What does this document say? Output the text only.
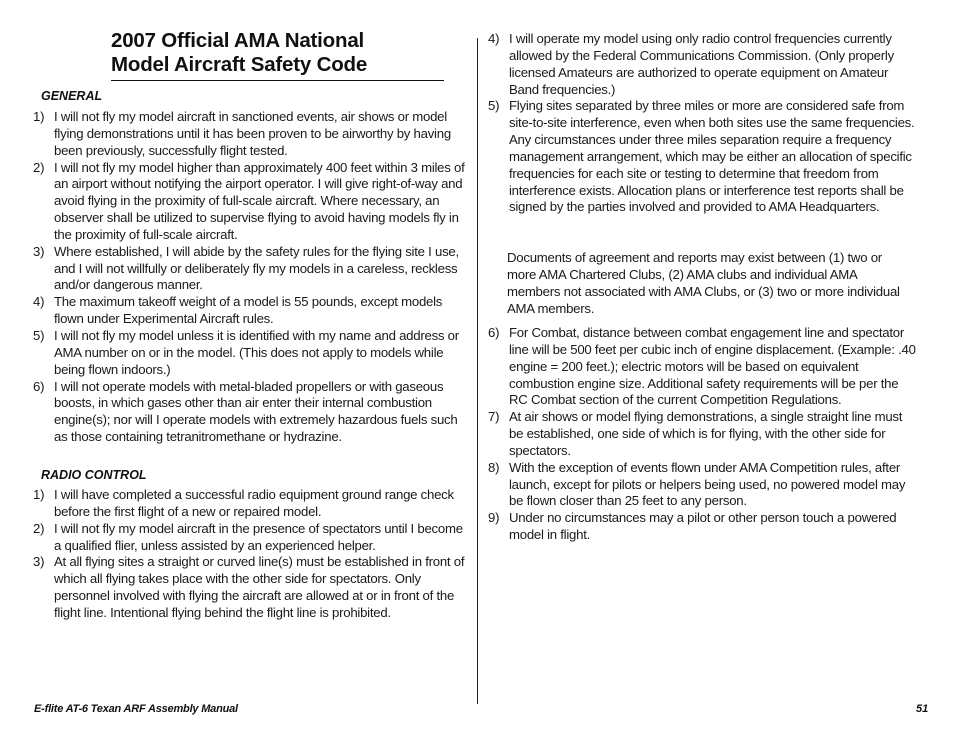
2007 Official AMA National
Model Aircraft Safety Code
GENERAL
1) I will not fly my model aircraft in sanctioned events, air shows or model flying demonstrations until it has been proven to be airworthy by having been previously, successfully flight tested.
2) I will not fly my model higher than approximately 400 feet within 3 miles of an airport without notifying the airport operator. I will give right-of-way and avoid flying in the proximity of full-scale aircraft. Where necessary, an observer shall be utilized to supervise flying to avoid having models fly in the proximity of full-scale aircraft.
3) Where established, I will abide by the safety rules for the flying site I use, and I will not willfully or deliberately fly my models in a careless, reckless and/or dangerous manner.
4) The maximum takeoff weight of a model is 55 pounds, except models flown under Experimental Aircraft rules.
5) I will not fly my model unless it is identified with my name and address or AMA number on or in the model. (This does not apply to models while being flown indoors.)
6) I will not operate models with metal-bladed propellers or with gaseous boosts, in which gases other than air enter their internal combustion engine(s); nor will I operate models with extremely hazardous fuels such as those containing tetranitromethane or hydrazine.
RADIO CONTROL
1) I will have completed a successful radio equipment ground range check before the first flight of a new or repaired model.
2) I will not fly my model aircraft in the presence of spectators until I become a qualified flier, unless assisted by an experienced helper.
3) At all flying sites a straight or curved line(s) must be established in front of which all flying takes place with the other side for spectators. Only personnel involved with flying the aircraft are allowed at or in front of the flight line. Intentional flying behind the flight line is prohibited.
4) I will operate my model using only radio control frequencies currently allowed by the Federal Communications Commission. (Only properly licensed Amateurs are authorized to operate equipment on Amateur Band frequencies.)
5) Flying sites separated by three miles or more are considered safe from site-to-site interference, even when both sites use the same frequencies. Any circumstances under three miles separation require a frequency management arrangement, which may be either an allocation of specific frequencies for each site or testing to determine that freedom from interference exists. Allocation plans or interference test reports shall be signed by the parties involved and provided to AMA Headquarters.

Documents of agreement and reports may exist between (1) two or more AMA Chartered Clubs, (2) AMA clubs and individual AMA members not associated with AMA Clubs, or (3) two or more individual AMA members.

6) For Combat, distance between combat engagement line and spectator line will be 500 feet per cubic inch of engine displacement. (Example: .40 engine = 200 feet.); electric motors will be based on equivalent combustion engine size. Additional safety requirements will be per the RC Combat section of the current Competition Regulations.
7) At air shows or model flying demonstrations, a single straight line must be established, one side of which is for flying, with the other side for spectators.
8) With the exception of events flown under AMA Competition rules, after launch, except for pilots or helpers being used, no powered model may be flown closer than 25 feet to any person.
9) Under no circumstances may a pilot or other person touch a powered model in flight.
E-flite AT-6 Texan ARF Assembly Manual	51
